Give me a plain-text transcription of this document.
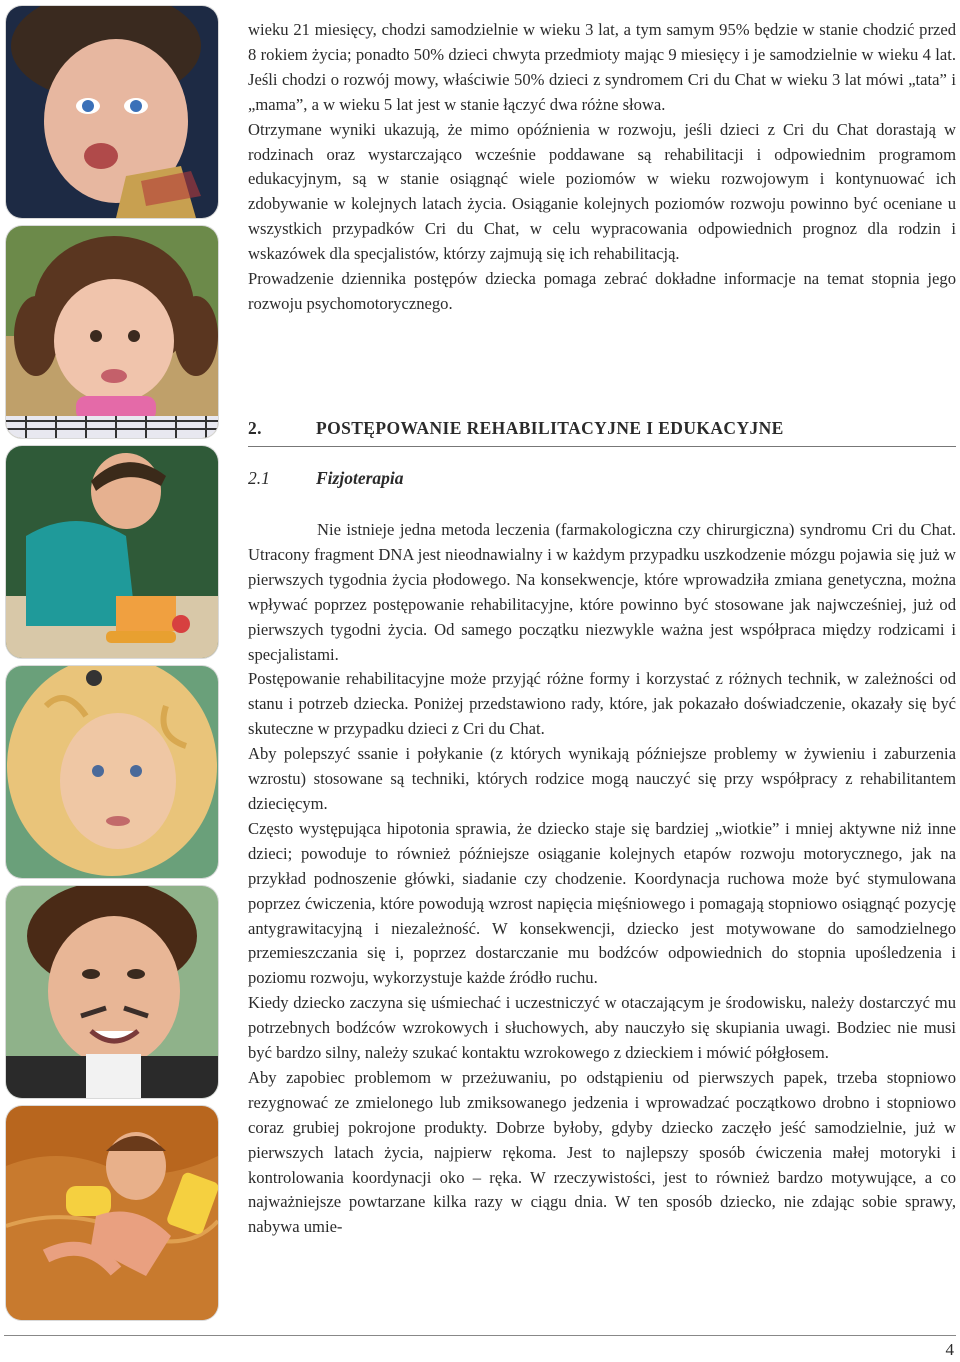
wieku 21 miesięcy, chodzi samodzielnie w wieku 3 lat, a tym samym 95% będzie w stanie chodzić przed 8 rokiem życia; ponadto 50% dzieci chwyta przedmioty mając 9 miesięcy i je samodzielnie w wieku 4 lat. Jeśli chodzi o rozwój mowy, właściwie 50% dzieci z syndromem Cri du Chat w wieku 3 lat mówi „tata” i „mama”, a w wieku 5 lat jest w stanie łączyć dwa różne słowa.

Otrzymane wyniki ukazują, że mimo opóźnienia w rozwoju, jeśli dzieci z Cri du Chat dorastają w rodzinach oraz wystarczająco wcześnie poddawane są rehabilitacji i odpowiednim programom edukacyjnym, są w stanie osiągnąć wiele poziomów w wieku rozwojowym i kontynuować ich zdobywanie w kolejnych latach życia. Osiąganie kolejnych poziomów rozwoju powinno być oceniane u wszystkich przypadków Cri du Chat, w celu wypracowania odpowiednich prognoz dla rodzin i wskazówek dla specjalistów, którzy zajmują się ich rehabilitacją.

Prowadzenie dziennika postępów dziecka pomaga zebrać dokładne informacje na temat stopnia jego rozwoju psychomotorycznego.

2.	POSTĘPOWANIE REHABILITACYJNE I EDUKACYJNE
2.1	Fizjoterapia

Nie istnieje jedna metoda leczenia (farmakologiczna czy chirurgiczna) syndromu Cri du Chat. Utracony fragment DNA jest nieodnawialny i w każdym przypadku uszkodzenie mózgu pojawia się już w pierwszych tygodnia życia płodowego. Na konsekwencje, które wprowadziła zmiana genetyczna, można wpływać poprzez postępowanie rehabilitacyjne, które powinno być stosowane jak najwcześniej, już od pierwszych tygodni życia. Od samego początku niezwykle ważna jest współpraca między rodzicami i specjalistami.

Postępowanie rehabilitacyjne może przyjąć różne formy i korzystać z różnych technik, w zależności od stanu i potrzeb dziecka. Poniżej przedstawiono rady, które, jak pokazało doświadczenie, okazały się być skuteczne w przypadku dzieci z Cri du Chat.

Aby polepszyć ssanie i połykanie (z których wynikają późniejsze problemy w żywieniu i zaburzenia wzrostu) stosowane są techniki, których rodzice mogą nauczyć się przy współpracy z rehabilitantem dziecięcym.

Często występująca hipotonia sprawia, że dziecko staje się bardziej „wiotkie” i mniej aktywne niż inne dzieci; powoduje to również późniejsze osiąganie kolejnych etapów rozwoju motorycznego, jak na przykład podnoszenie główki, siadanie czy chodzenie. Koordynacja ruchowa może być stymulowana poprzez ćwiczenia, które powodują wzrost napięcia mięśniowego i pomagają stopniowo osiągnąć pozycję antygrawitacyjną i niezależność. W konsekwencji, dziecko jest motywowane do samodzielnego przemieszczania się i, poprzez dostarczanie mu bodźców odpowiednich do stopnia upośledzenia i poziomu rozwoju, wykorzystuje każde źródło ruchu.

Kiedy dziecko zaczyna się uśmiechać i uczestniczyć w otaczającym je środowisku, należy dostarczyć mu potrzebnych bodźców wzrokowych i słuchowych, aby nauczyło się skupiania uwagi. Bodziec nie musi być bardzo silny, należy szukać kontaktu wzrokowego z dzieckiem i mówić półgłosem.

Aby zapobiec problemom w przeżuwaniu, po odstąpieniu od pierwszych papek, trzeba stopniowo rezygnować ze zmielonego lub zmiksowanego jedzenia i wprowadzać początkowo drobno i stopniowo coraz grubiej pokrojone produkty. Dobrze byłoby, gdyby dziecko zaczęło jeść samodzielnie, już w pierwszych latach życia, najpierw rękoma. Jest to najlepszy sposób ćwiczenia małej motoryki i kontrolowania koordynacji oko – ręka. W rzeczywistości, jest to również bardzo motywujące, a co najważniejsze powtarzane kilka razy w ciągu dnia. W ten sposób dziecko, nie zdając sobie sprawy, nabywa umie-

4
